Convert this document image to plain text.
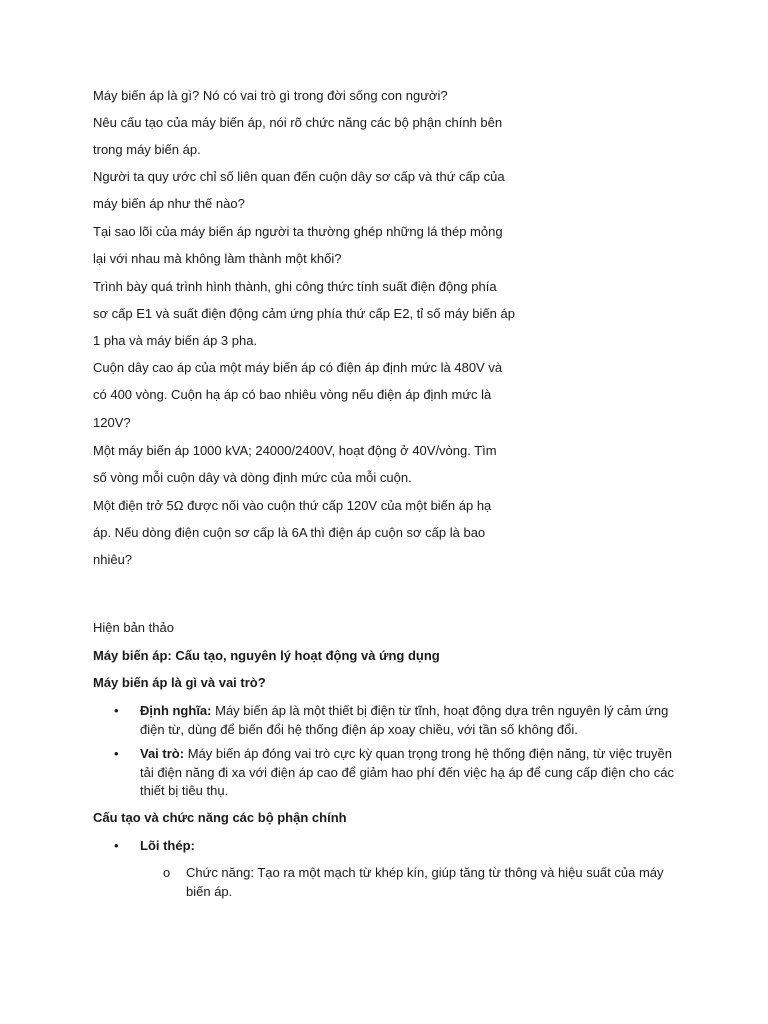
Máy biến áp là gì? Nó có vai trò gì trong đời sống con người?
Nêu cấu tạo của máy biến áp, nói rõ chức năng các bộ phận chính bên
trong máy biến áp.
Người ta quy ước chỉ số liên quan đến cuộn dây sơ cấp và thứ cấp của
máy biến áp như thế nào?
Tại sao lõi của máy biến áp người ta thường ghép những lá thép mỏng
lại với nhau mà không làm thành một khối?
Trình bày quá trình hình thành, ghi công thức tính suất điện động phía
sơ cấp E1 và suất điện động cảm ứng phía thứ cấp E2, tỉ số máy biến áp
1 pha và máy biến áp 3 pha.
Cuộn dây cao áp của một máy biến áp có điện áp định mức là 480V và
có 400 vòng. Cuộn hạ áp có bao nhiêu vòng nếu điện áp định mức là
120V?
Một máy biến áp 1000 kVA; 24000/2400V, hoạt động ở 40V/vòng. Tìm
số vòng mỗi cuộn dây và dòng định mức của mỗi cuộn.
Một điện trở 5Ω được nối vào cuộn thứ cấp 120V của một biến áp hạ
áp. Nếu dòng điện cuộn sơ cấp là 6A thì điện áp cuộn sơ cấp là bao
nhiêu?
Hiện bản thảo
Máy biến áp: Cấu tạo, nguyên lý hoạt động và ứng dụng
Máy biến áp là gì và vai trò?
• Định nghĩa: Máy biến áp là một thiết bị điện từ tĩnh, hoạt động dựa trên nguyên lý cảm ứng điện từ, dùng để biến đổi hệ thống điện áp xoay chiều, với tần số không đổi.
• Vai trò: Máy biến áp đóng vai trò cực kỳ quan trọng trong hệ thống điện năng, từ việc truyền tải điện năng đi xa với điện áp cao để giảm hao phí đến việc hạ áp để cung cấp điện cho các thiết bị tiêu thụ.
Cấu tạo và chức năng các bộ phận chính
• Lõi thép:
o Chức năng: Tạo ra một mạch từ khép kín, giúp tăng từ thông và hiệu suất của máy biến áp.
